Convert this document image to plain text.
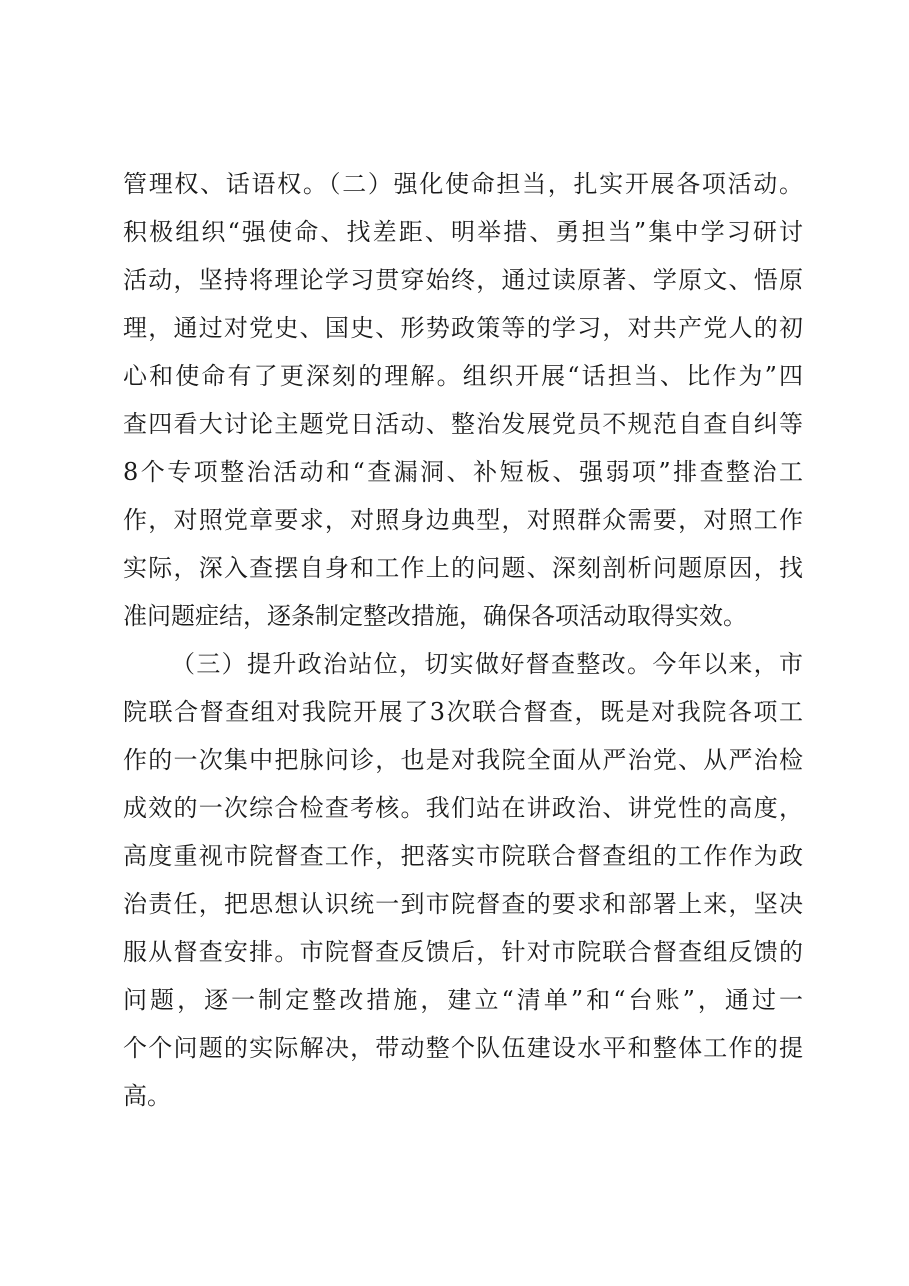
管理权、话语权。（二）强化使命担当，扎实开展各项活动。
积极组织“强使命、找差距、明举措、勇担当”集中学习研讨
活动，坚持将理论学习贯穿始终，通过读原著、学原文、悟原
理，通过对党史、国史、形势政策等的学习，对共产党人的初
心和使命有了更深刻的理解。组织开展“话担当、比作为”四
查四看大讨论主题党日活动、整治发展党员不规范自查自纠等
8个专项整治活动和“查漏洞、补短板、强弱项”排查整治工
作，对照党章要求，对照身边典型，对照群众需要，对照工作
实际，深入查摆自身和工作上的问题、深刻剖析问题原因，找
准问题症结，逐条制定整改措施，确保各项活动取得实效。
（三）提升政治站位，切实做好督查整改。今年以来，市
院联合督查组对我院开展了3次联合督查，既是对我院各项工
作的一次集中把脉问诊，也是对我院全面从严治党、从严治检
成效的一次综合检查考核。我们站在讲政治、讲党性的高度，
高度重视市院督查工作，把落实市院联合督查组的工作作为政
治责任，把思想认识统一到市院督查的要求和部署上来，坚决
服从督查安排。市院督查反馈后，针对市院联合督查组反馈的
问题，逐一制定整改措施，建立“清单”和“台账”，通过一
个个问题的实际解决，带动整个队伍建设水平和整体工作的提
高。
